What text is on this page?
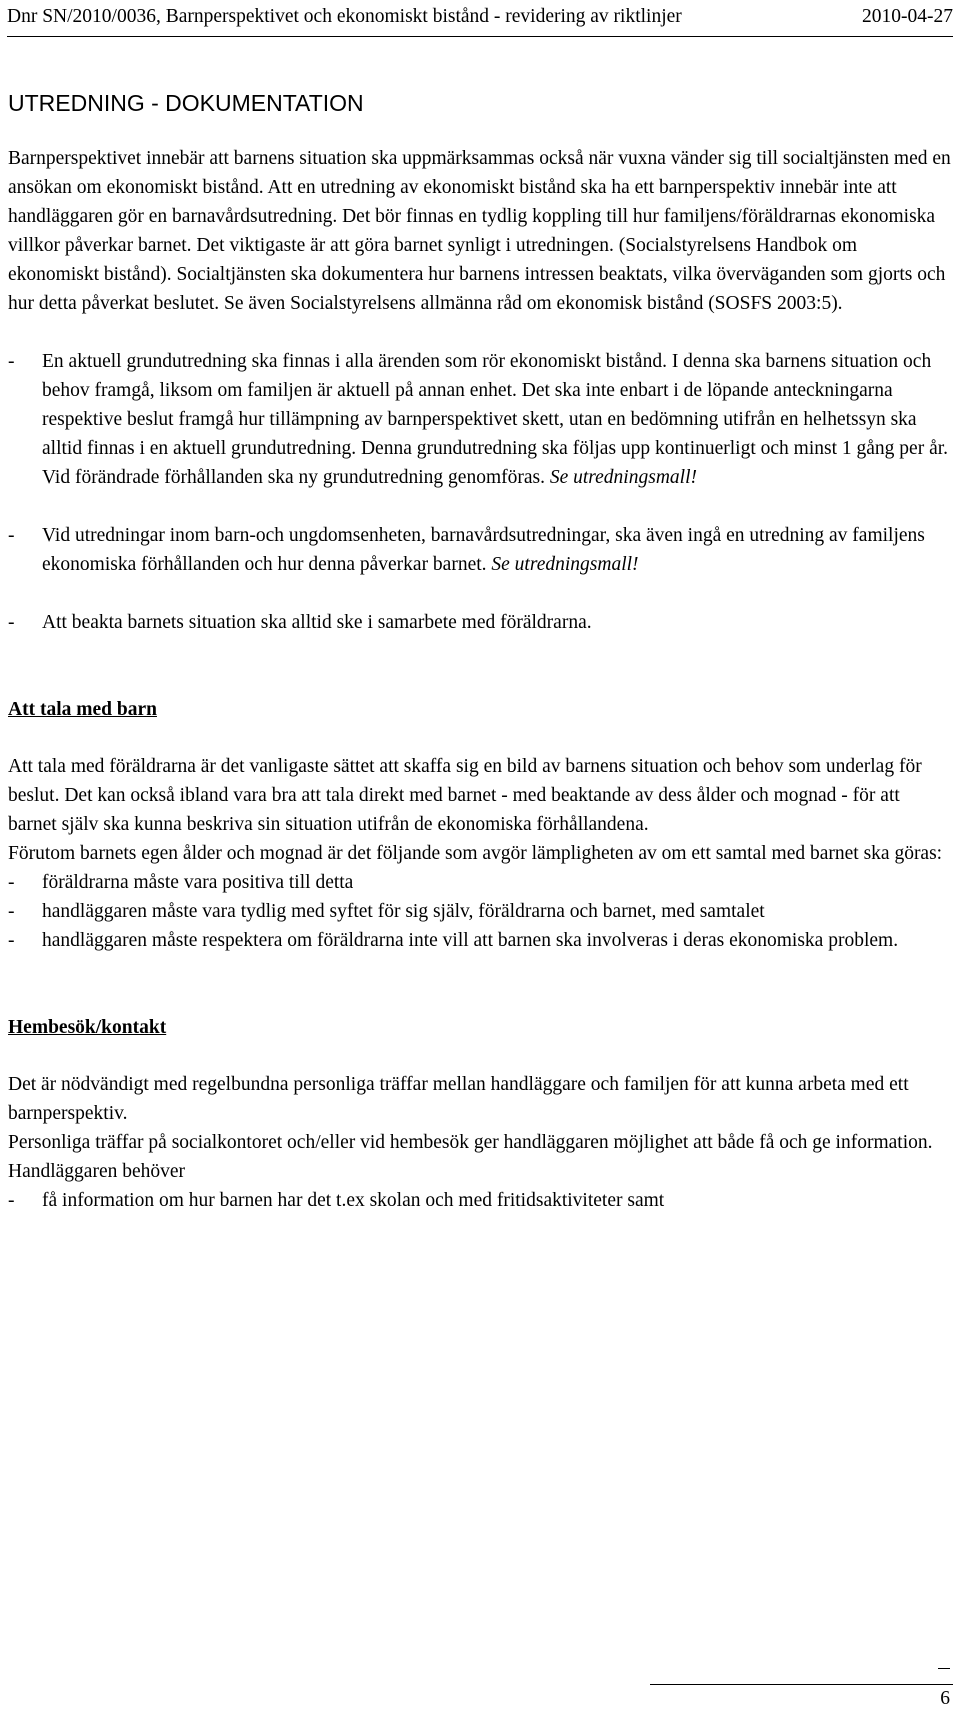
Dnr SN/2010/0036, Barnperspektivet och ekonomiskt bistånd - revidering av riktlinjer	2010-04-27
UTREDNING - DOKUMENTATION

Barnperspektivet innebär att barnens situation ska uppmärksammas också när vuxna vänder sig till socialtjänsten med en ansökan om ekonomiskt bistånd. Att en utredning av ekonomiskt bistånd ska ha ett barnperspektiv innebär inte att handläggaren gör en barnavårdsutredning. Det bör finnas en tydlig koppling till hur familjens/föräldrarnas ekonomiska villkor påverkar barnet. Det viktigaste är att göra barnet synligt i utredningen. (Socialstyrelsens Handbok om ekonomiskt bistånd). Socialtjänsten ska dokumentera hur barnens intressen beaktats, vilka överväganden som gjorts och hur detta påverkat beslutet. Se även Socialstyrelsens allmänna råd om ekonomisk bistånd (SOSFS 2003:5).

- En aktuell grundutredning ska finnas i alla ärenden som rör ekonomiskt bistånd. I denna ska barnens situation och behov framgå, liksom om familjen är aktuell på annan enhet. Det ska inte enbart i de löpande anteckningarna respektive beslut framgå hur tillämpning av barnperspektivet skett, utan en bedömning utifrån en helhetssyn ska alltid finnas i en aktuell grundutredning. Denna grundutredning ska följas upp kontinuerligt och minst 1 gång per år. Vid förändrade förhållanden ska ny grundutredning genomföras. Se utredningsmall!
- Vid utredningar inom barn-och ungdomsenheten, barnavårdsutredningar, ska även ingå en utredning av familjens ekonomiska förhållanden och hur denna påverkar barnet. Se utredningsmall!
- Att beakta barnets situation ska alltid ske i samarbete med föräldrarna.
Att tala med barn

Att tala med föräldrarna är det vanligaste sättet att skaffa sig en bild av barnens situation och behov som underlag för beslut. Det kan också ibland vara bra att tala direkt med barnet - med beaktande av dess ålder och mognad - för att barnet själv ska kunna beskriva sin situation utifrån de ekonomiska förhållandena.

Förutom barnets egen ålder och mognad är det följande som avgör lämpligheten av om ett samtal med barnet ska göras:

- föräldrarna måste vara positiva till detta
- handläggaren måste vara tydlig med syftet för sig själv, föräldrarna och barnet, med samtalet
- handläggaren måste respektera om föräldrarna inte vill att barnen ska involveras i deras ekonomiska problem.
Hembesök/kontakt

Det är nödvändigt med regelbundna personliga träffar mellan handläggare och familjen för att kunna arbeta med ett barnperspektiv.

Personliga träffar på socialkontoret och/eller vid hembesök ger handläggaren möjlighet att både få och ge information. Handläggaren behöver

- få information om hur barnen har det t.ex skolan och med fritidsaktiviteter samt
6
